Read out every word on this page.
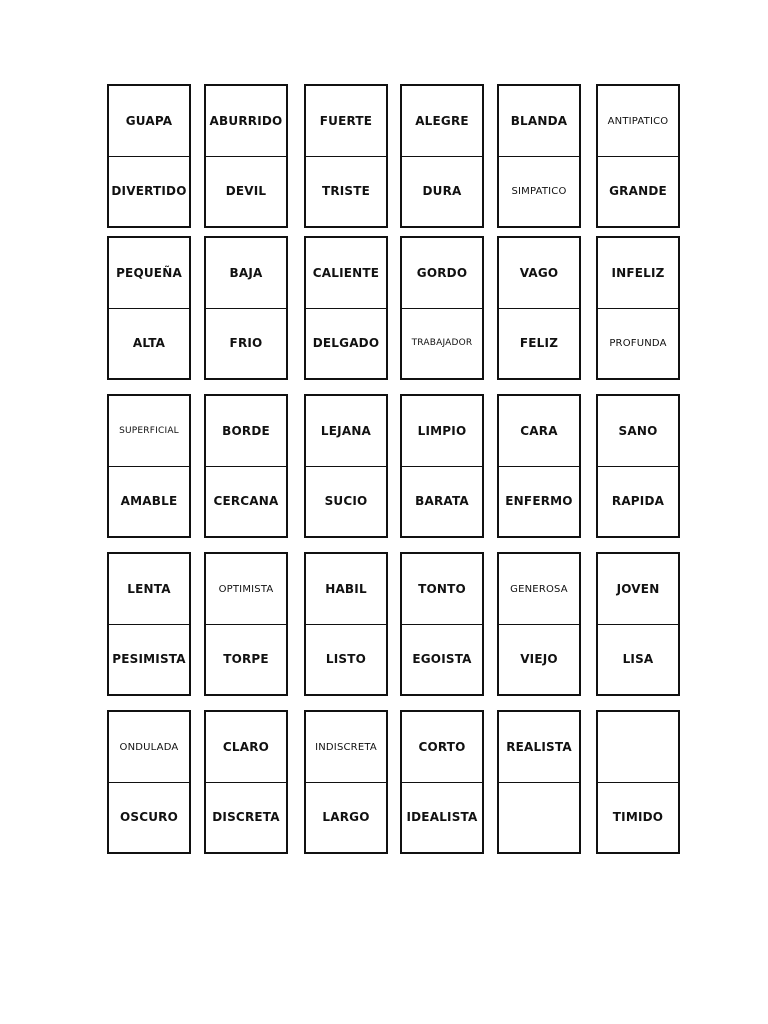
GUAPA
DIVERTIDO
ABURRIDO
DEVIL
FUERTE
TRISTE
ALEGRE
DURA
BLANDA
SIMPATICO
ANTIPATICO
GRANDE
PEQUEÑA
ALTA
BAJA
FRIO
CALIENTE
DELGADO
GORDO
TRABAJADOR
VAGO
FELIZ
INFELIZ
PROFUNDA
SUPERFICIAL
AMABLE
BORDE
CERCANA
LEJANA
SUCIO
LIMPIO
BARATA
CARA
ENFERMO
SANO
RAPIDA
LENTA
PESIMISTA
OPTIMISTA
TORPE
HABIL
LISTO
TONTO
EGOISTA
GENEROSA
VIEJO
JOVEN
LISA
ONDULADA
OSCURO
CLARO
DISCRETA
INDISCRETA
LARGO
CORTO
IDEALISTA
REALISTA
TIMIDO
